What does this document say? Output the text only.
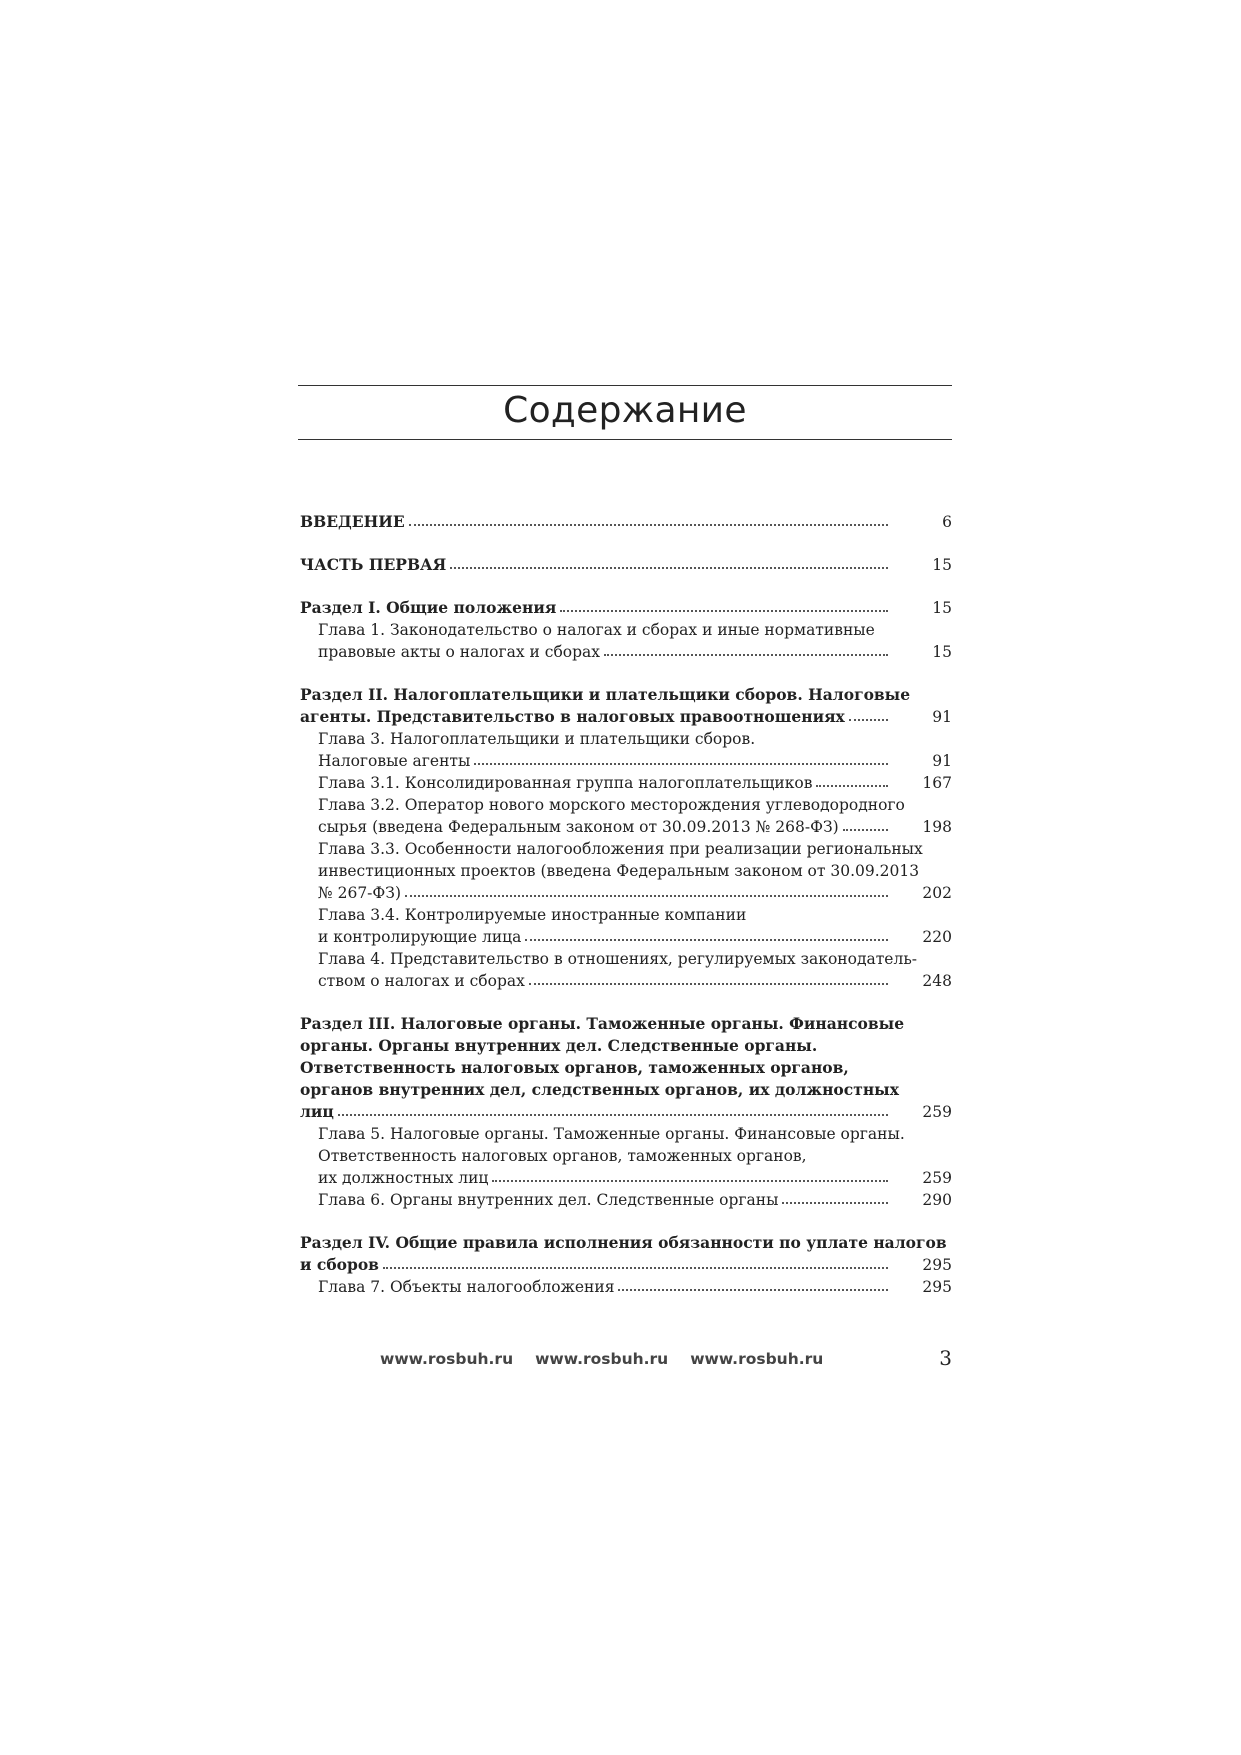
Содержание
ВВЕДЕНИЕ	6
ЧАСТЬ ПЕРВАЯ	15
Раздел I. Общие положения	15
Глава 1. Законодательство о налогах и сборах и иные нормативные
правовые акты о налогах и сборах	15
Раздел II. Налогоплательщики и плательщики сборов. Налоговые
агенты. Представительство в налоговых правоотношениях	91
Глава 3. Налогоплательщики и плательщики сборов.
Налоговые агенты	91
Глава 3.1. Консолидированная группа налогоплательщиков	167
Глава 3.2. Оператор нового морского месторождения углеводородного
сырья (введена Федеральным законом от 30.09.2013 № 268-ФЗ)	198
Глава 3.3. Особенности налогообложения при реализации региональных
инвестиционных проектов (введена Федеральным законом от 30.09.2013
№ 267-ФЗ)	202
Глава 3.4. Контролируемые иностранные компании
и контролирующие лица	220
Глава 4. Представительство в отношениях, регулируемых законодатель-
ством о налогах и сборах	248
Раздел III. Налоговые органы. Таможенные органы. Финансовые
органы. Органы внутренних дел. Следственные органы.
Ответственность налоговых органов, таможенных органов,
органов внутренних дел, следственных органов, их должностных
лиц	259
Глава 5. Налоговые органы. Таможенные органы. Финансовые органы.
Ответственность налоговых органов, таможенных органов,
их должностных лиц	259
Глава 6. Органы внутренних дел. Следственные органы	290
Раздел IV. Общие правила исполнения обязанности по уплате налогов
и сборов	295
Глава 7. Объекты налогообложения	295
www.rosbuh.ru www.rosbuh.ru www.rosbuh.ru	3
